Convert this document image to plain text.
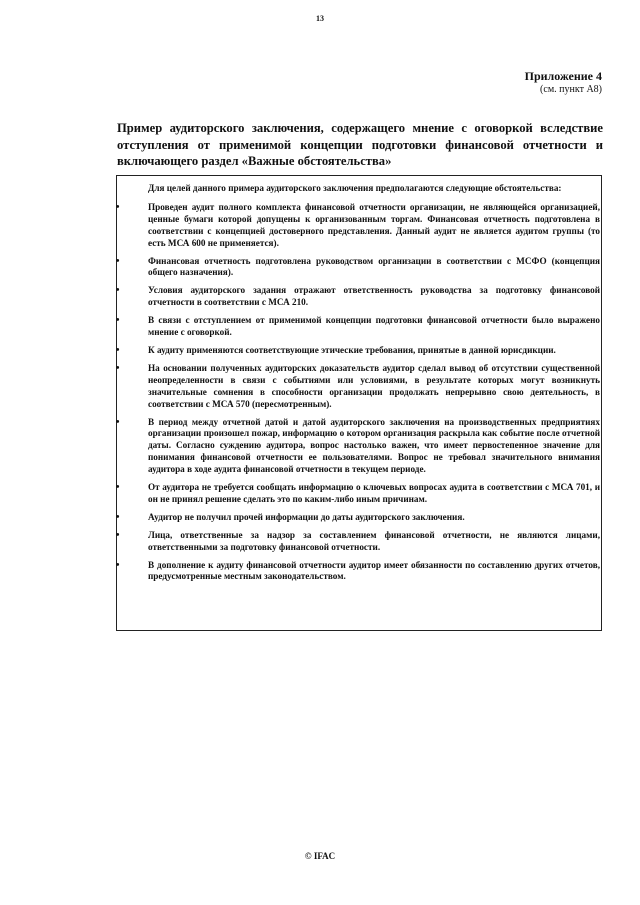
13
Приложение 4
(см. пункт А8)
Пример аудиторского заключения, содержащего мнение с оговоркой вследствие отступления от применимой концепции подготовки финансовой отчетности и включающего раздел «Важные обстоятельства»
Для целей данного примера аудиторского заключения предполагаются следующие обстоятельства:
•	Проведен аудит полного комплекта финансовой отчетности организации, не являющейся организацией, ценные бумаги которой допущены к организованным торгам. Финансовая отчетность подготовлена в соответствии с концепцией достоверного представления. Данный аудит не является аудитом группы (то есть МСА 600 не применяется).
•	Финансовая отчетность подготовлена руководством организации в соответствии с МСФО (концепция общего назначения).
•	Условия аудиторского задания отражают ответственность руководства за подготовку финансовой отчетности в соответствии с МСА 210.
•	В связи с отступлением от применимой концепции подготовки финансовой отчетности было выражено мнение с оговоркой.
•	К аудиту применяются соответствующие этические требования, принятые в данной юрисдикции.
•	На основании полученных аудиторских доказательств аудитор сделал вывод об отсутствии существенной неопределенности в связи с событиями или условиями, в результате которых могут возникнуть значительные сомнения в способности организации продолжать непрерывно свою деятельность, в соответствии с МСА 570 (пересмотренным).
•	В период между отчетной датой и датой аудиторского заключения на производственных предприятиях организации произошел пожар, информацию о котором организация раскрыла как событие после отчетной даты. Согласно суждению аудитора, вопрос настолько важен, что имеет первостепенное значение для понимания финансовой отчетности ее пользователями. Вопрос не требовал значительного внимания аудитора в ходе аудита финансовой отчетности в текущем периоде.
•	От аудитора не требуется сообщать информацию о ключевых вопросах аудита в соответствии с МСА 701, и он не принял решение сделать это по каким-либо иным причинам.
•	Аудитор не получил прочей информации до даты аудиторского заключения.
•	Лица, ответственные за надзор за составлением финансовой отчетности, не являются лицами, ответственными за подготовку финансовой отчетности.
•	В дополнение к аудиту финансовой отчетности аудитор имеет обязанности по составлению других отчетов, предусмотренные местным законодательством.
© IFAC
